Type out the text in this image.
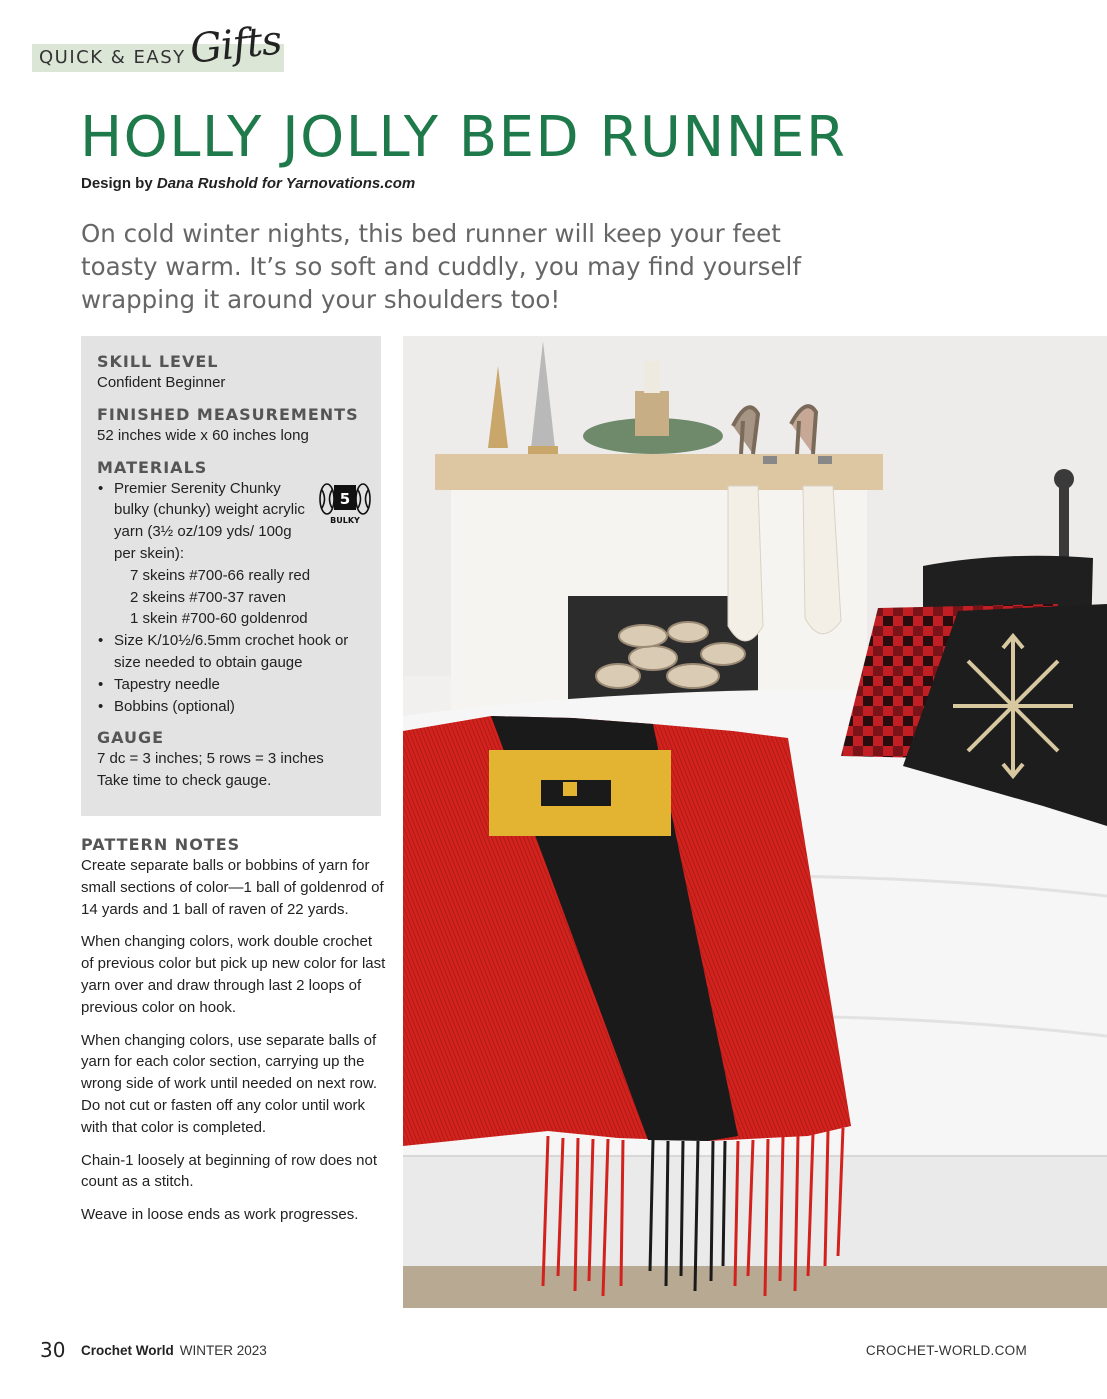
QUICK & EASY Gifts
HOLLY JOLLY BED RUNNER
Design by Dana Rushold for Yarnovations.com

On cold winter nights, this bed runner will keep your feet toasty warm. It’s so soft and cuddly, you may find yourself wrapping it around your shoulders too!

SKILL LEVEL

Confident Beginner

FINISHED MEASUREMENTS

52 inches wide x 60 inches long

MATERIALS
• Premier Serenity Chunky bulky (chunky) weight acrylic yarn (3½ oz/109 yds/ 100g per skein):
7 skeins #700-66 really red
2 skeins #700-37 raven
1 skein #700-60 goldenrod
• Size K/10½/6.5mm crochet hook or size needed to obtain gauge
• Tapestry needle
• Bobbins (optional)
GAUGE

7 dc = 3 inches; 5 rows = 3 inches

Take time to check gauge.

5
BULKY
PATTERN NOTES

Create separate balls or bobbins of yarn for small sections of color—1 ball of goldenrod of 14 yards and 1 ball of raven of 22 yards.

When changing colors, work double crochet of previous color but pick up new color for last yarn over and draw through last 2 loops of previous color on hook.

When changing colors, use separate balls of yarn for each color section, carrying up the wrong side of work until needed on next row. Do not cut or fasten off any color until work with that color is completed.

Chain-1 loosely at beginning of row does not count as a stitch.

Weave in loose ends as work progresses.

30 Crochet World WINTER 2023	CROCHET-WORLD.COM
